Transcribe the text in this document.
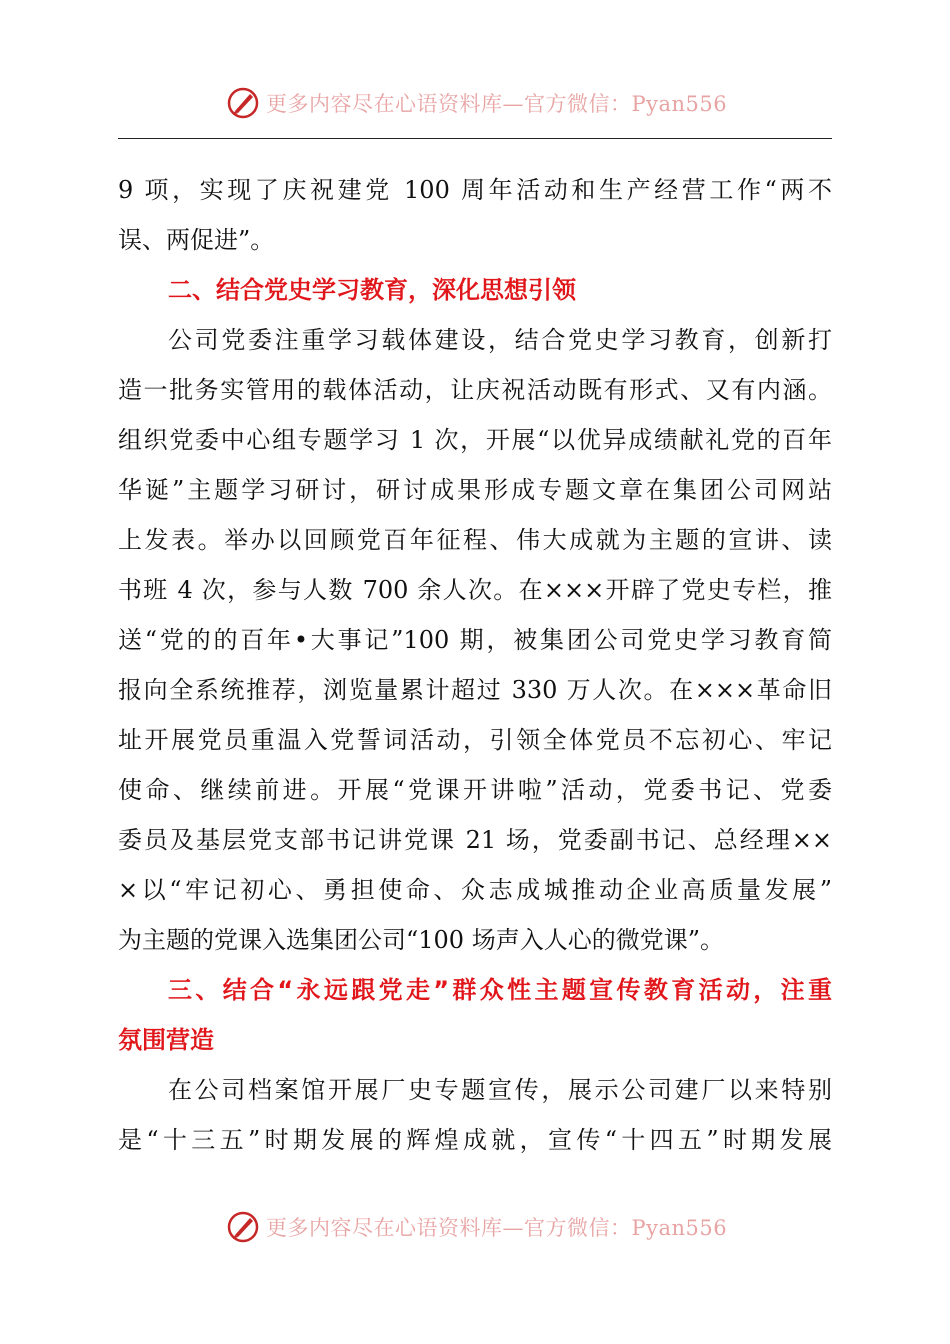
更多内容尽在心语资料库—官方微信：Pyan556

9 项，实现了庆祝建党 100 周年活动和生产经营工作“两不
误、两促进”。

二、结合党史学习教育，深化思想引领

公司党委注重学习载体建设，结合党史学习教育，创新打
造一批务实管用的载体活动，让庆祝活动既有形式、又有内涵。
组织党委中心组专题学习 1 次，开展“以优异成绩献礼党的百年
华诞”主题学习研讨，研讨成果形成专题文章在集团公司网站
上发表。举办以回顾党百年征程、伟大成就为主题的宣讲、读
书班 4 次，参与人数 700 余人次。在×××开辟了党史专栏，推
送“党的的百年•大事记”100 期，被集团公司党史学习教育简
报向全系统推荐，浏览量累计超过 330 万人次。在×××革命旧
址开展党员重温入党誓词活动，引领全体党员不忘初心、牢记
使命、继续前进。开展“党课开讲啦”活动，党委书记、党委
委员及基层党支部书记讲党课 21 场，党委副书记、总经理××
×以“牢记初心、勇担使命、众志成城推动企业高质量发展”
为主题的党课入选集团公司“100 场声入人心的微党课”。

三、结合“永远跟党走”群众性主题宣传教育活动，注重
氛围营造

在公司档案馆开展厂史专题宣传，展示公司建厂以来特别
是“十三五”时期发展的辉煌成就，宣传“十四五”时期发展

更多内容尽在心语资料库—官方微信：Pyan556
